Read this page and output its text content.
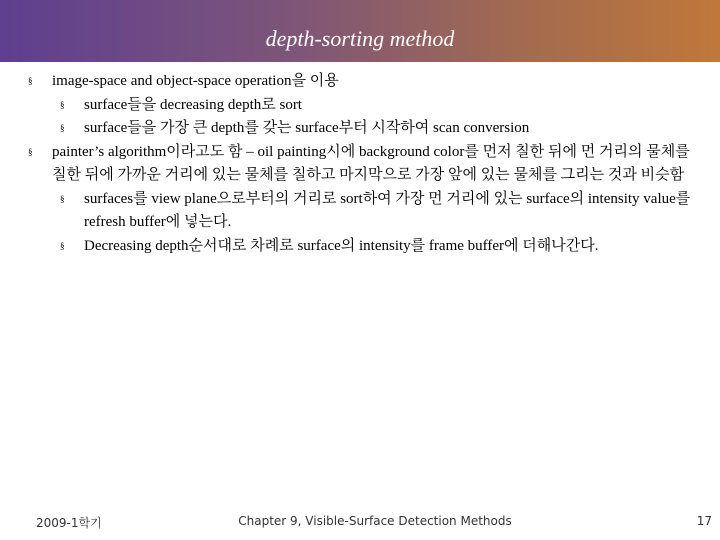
depth-sorting method
§	image-space and object-space operation을 이용
§	surface들을 decreasing depth로 sort
§	surface들을 가장 큰 depth를 갖는 surface부터 시작하여 scan conversion
§	painter’s algorithm이라고도 함 – oil painting시에 background color를 먼저 칠한 뒤에 먼 거리의 물체를 칠한 뒤에 가까운 거리에 있는 물체를 칠하고 마지막으로 가장 앞에 있는 물체를 그리는 것과 비슷함
§	surfaces를 view plane으로부터의 거리로 sort하여 가장 먼 거리에 있는 surface의 intensity value를 refresh buffer에 넣는다.
§	Decreasing depth순서대로 차례로 surface의 intensity를 frame buffer에 더해나간다.
2009-1학기	Chapter 9, Visible-Surface Detection Methods	17
